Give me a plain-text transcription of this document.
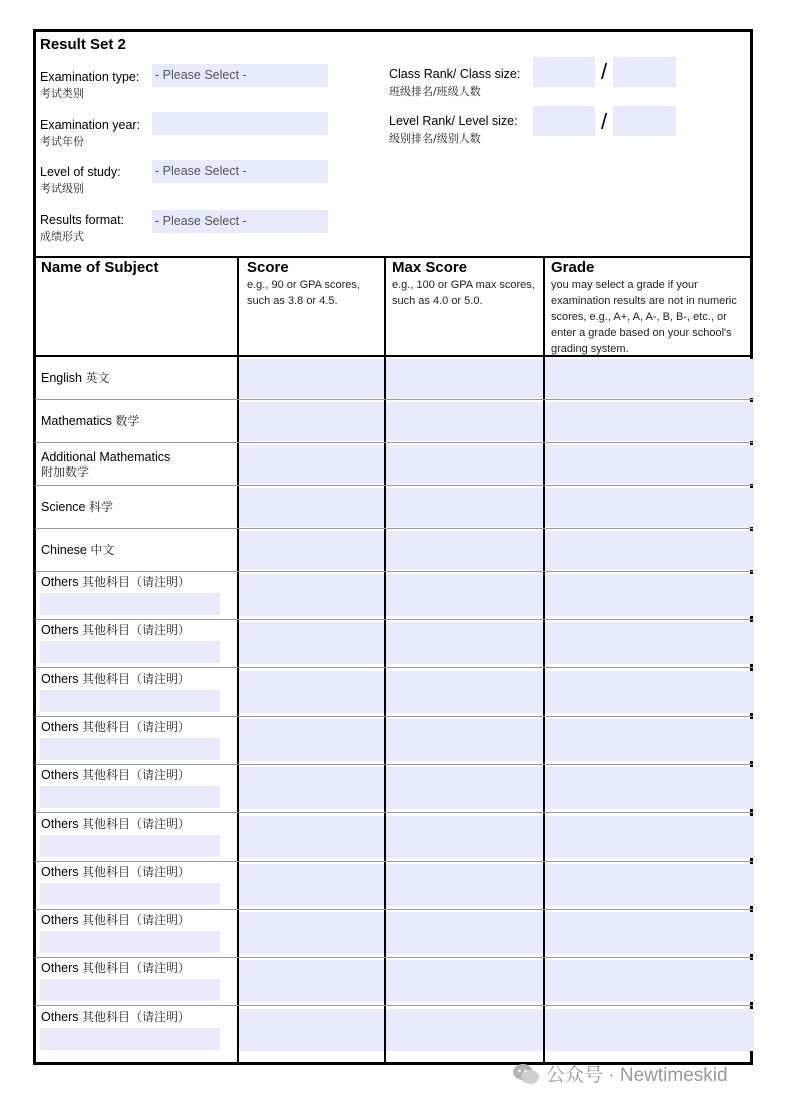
Result Set 2
Examination type:
考试类别
- Please Select -
Examination year:
考试年份
Level of study:
考试级别
- Please Select -
Results format:
成绩形式
- Please Select -
Class Rank/ Class size:
班级排名/班级人数
/
Level Rank/ Level size:
级别排名/级别人数
/
Name of Subject	Score
e.g., 90 or GPA scores, such as 3.8 or 4.5.
Max Score
e.g., 100 or GPA max scores, such as 4.0 or 5.0.
Grade
you may select a grade if your examination results are not in numeric scores, e.g., A+, A, A-, B, B-, etc., or enter a grade based on your school's grading system.
English 英文
Mathematics 数学
Additional Mathematics
附加数学
Science 科学
Chinese 中文
Others 其他科目（请注明）
Others 其他科目（请注明）
Others 其他科目（请注明）
Others 其他科目（请注明）
Others 其他科目（请注明）
Others 其他科目（请注明）
Others 其他科目（请注明）
Others 其他科目（请注明）
Others 其他科目（请注明）
Others 其他科目（请注明）
公众号 · Newtimeskid
